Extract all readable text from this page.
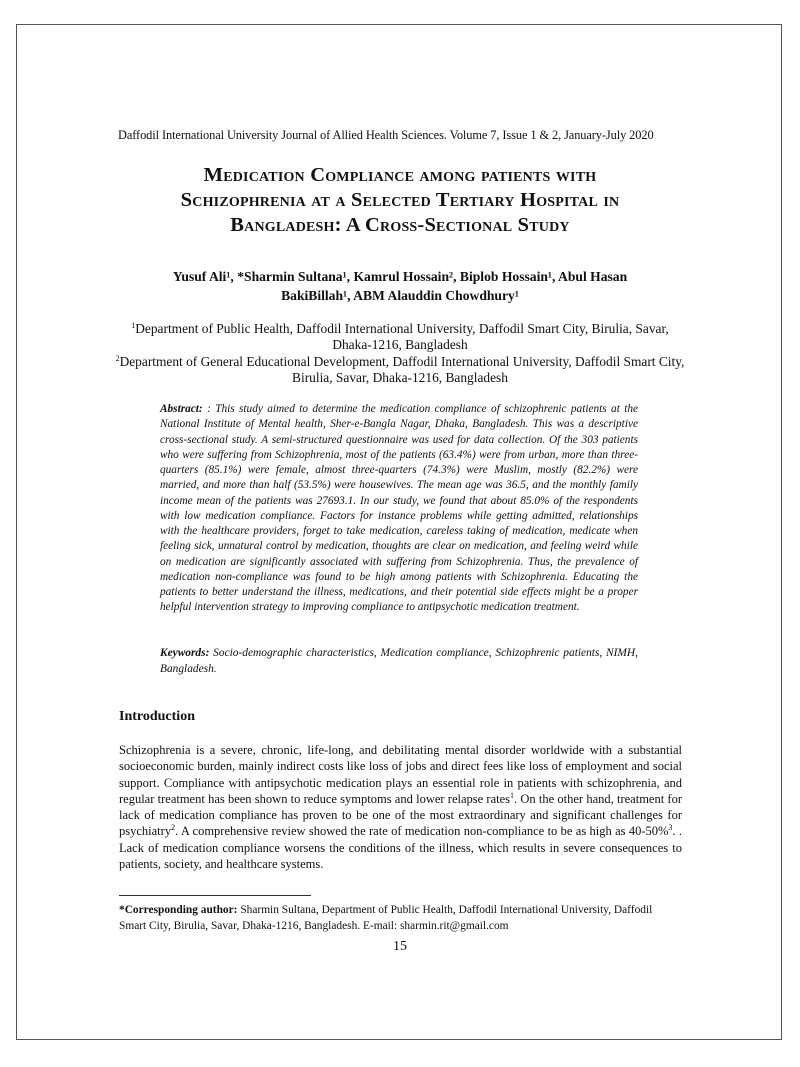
Daffodil International University Journal of Allied Health Sciences. Volume 7, Issue 1 & 2, January-July 2020
Medication Compliance among patients with
Schizophrenia at a Selected Tertiary Hospital in
Bangladesh: A Cross-Sectional Study
Yusuf Ali¹, *Sharmin Sultana¹, Kamrul Hossain², Biplob Hossain¹, Abul Hasan
BakiBillah¹, ABM Alauddin Chowdhury¹

$^1$Department of Public Health, Daffodil International University, Daffodil Smart City, Birulia, Savar, Dhaka-1216, Bangladesh

$^2$Department of General Educational Development, Daffodil International University, Daffodil Smart City, Birulia, Savar, Dhaka-1216, Bangladesh

Abstract: : This study aimed to determine the medication compliance of schizophrenic patients at the National Institute of Mental health, Sher-e-Bangla Nagar, Dhaka, Bangladesh. This was a descriptive cross-sectional study. A semi-structured questionnaire was used for data collection. Of the 303 patients who were suffering from Schizophrenia, most of the patients (63.4%) were from urban, more than three-quarters (85.1%) were female, almost three-quarters (74.3%) were Muslim, mostly (82.2%) were married, and more than half (53.5%) were housewives. The mean age was 36.5, and the monthly family income mean of the patients was 27693.1. In our study, we found that about 85.0% of the respondents with low medication compliance. Factors for instance problems while getting admitted, relationships with the healthcare providers, forget to take medication, careless taking of medication, medicate when feeling sick, unnatural control by medication, thoughts are clear on medication, and feeling weird while on medication are significantly associated with suffering from Schizophrenia. Thus, the prevalence of medication non-compliance was found to be high among patients with Schizophrenia. Educating the patients to better understand the illness, medications, and their potential side effects might be a proper helpful intervention strategy to improving compliance to antipsychotic medication treatment.
Keywords: Socio-demographic characteristics, Medication compliance, Schizophrenic patients, NIMH, Bangladesh.
Introduction
Schizophrenia is a severe, chronic, life-long, and debilitating mental disorder worldwide with a substantial socioeconomic burden, mainly indirect costs like loss of jobs and direct fees like loss of employment and social support. Compliance with antipsychotic medication plays an essential role in patients with schizophrenia, and regular treatment has been shown to reduce symptoms and lower relapse rates$^1$. On the other hand, treatment for lack of medication compliance has proven to be one of the most extraordinary and significant challenges for psychiatry$^2$. A comprehensive review showed the rate of medication non-compliance to be as high as 40-50%$^3$. . Lack of medication compliance worsens the conditions of the illness, which results in severe consequences to patients, society, and healthcare systems.
*Corresponding author: Sharmin Sultana, Department of Public Health, Daffodil International University, Daffodil Smart City, Birulia, Savar, Dhaka-1216, Bangladesh. E-mail: sharmin.rit@gmail.com
15
